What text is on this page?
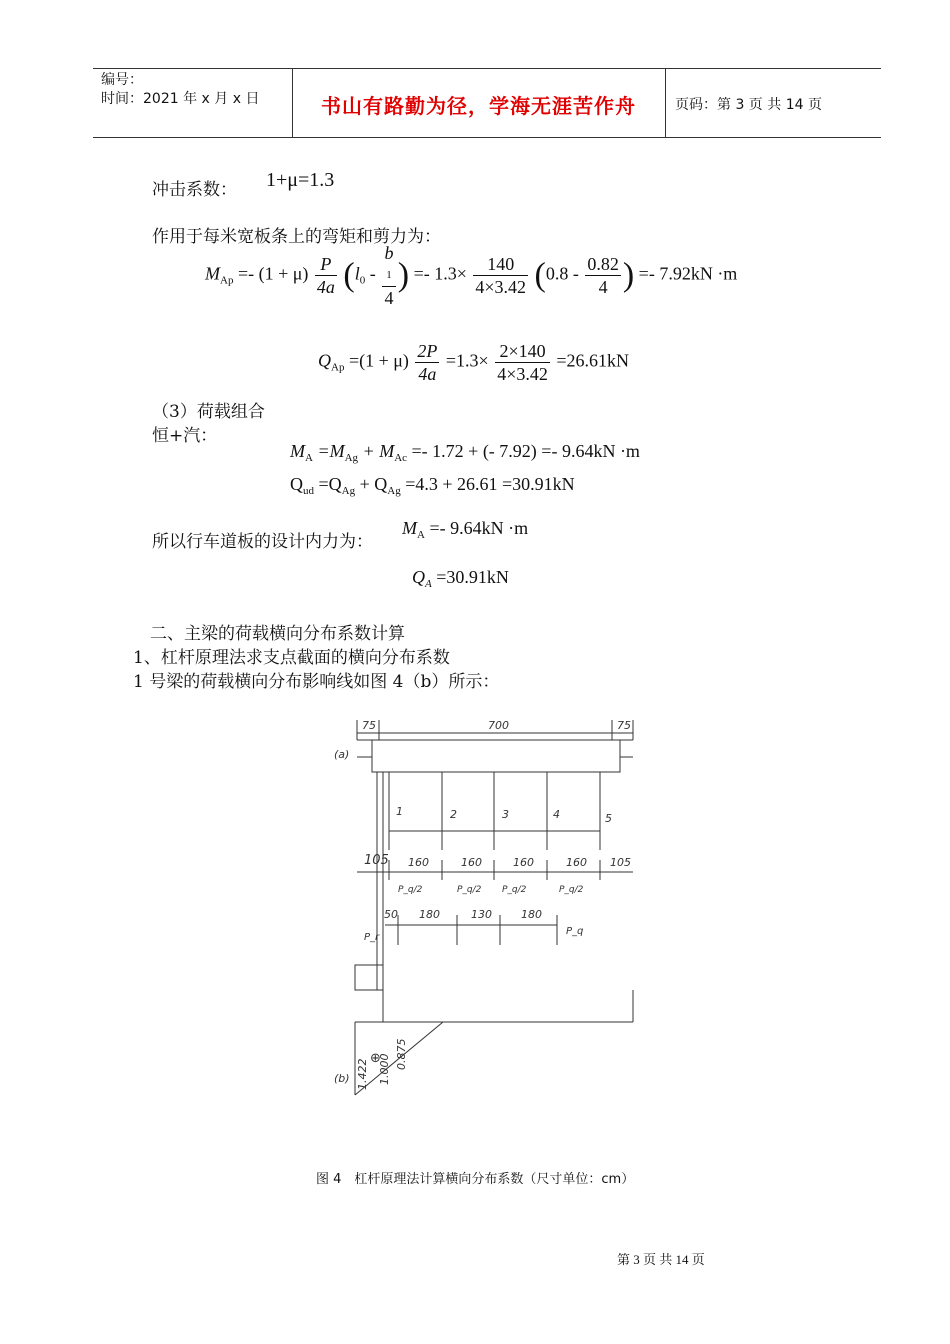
编号：
时间：2021 年 x 月 x 日	书山有路勤为径，学海无涯苦作舟	页码：第 3 页 共 14 页
冲击系数： 1+μ=1.3
作用于每米宽板条上的弯矩和剪力为：
$M_{Ap} =- (1 + \mu) \frac{P}{4a} (l_0 - b$
1
4 ) =- $1.3\times \frac{140}{4\times 3.42} (0.8 - \frac{0.82}{4}$ ) =- 7.92kN ·m
$Q_{Ap} =(1 + \mu) \frac{2P}{4a} =1.3\times \frac{2\times 140}{4\times 3.42} =26.61kN$
（3）荷载组合
恒+汽：
$M_A =M_{Ag} + M_{Ac} =- 1.72$ + (- 7.92) =- 9.64kN ·m
$Q_{ud} =Q_{Ag} + Q_{Ag} =4.3 + 26.61 =30.91kN$
所以行车道板的设计内力为：
$M_A =- 9.64kN \cdot m$
$Q_A =30.91kN$
二、主梁的荷载横向分布系数计算
1、杠杆原理法求支点截面的横向分布系数
1 号梁的荷载横向分布影响线如图 4（b）所示：
75	700	75
(a)
(b)
1	2	3	4	5
105 160	160	160	160 105
P_q/2	P_q/2 P_q/2	P_q/2
50 180	130	180
P_r
P_q
1.422 1.000 0.875
⊕
图 4　杠杆原理法计算横向分布系数（尺寸单位：cm）
第 3 页 共 14 页
